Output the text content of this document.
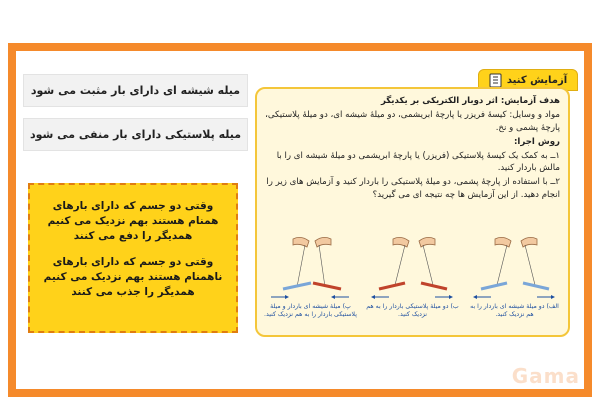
میله شیشه ای دارای بار مثبت می شود
میله پلاستیکی دارای بار منفی می شود

وقتی دو جسم که دارای بارهای همنام هستند بهم نزدیک می کنیم همدیگر را دفع می کنند

وقتی دو جسم که دارای بارهای ناهمنام هستند بهم نزدیک می کنیم همدیگر را جذب می کنند

آزمایش کنید
هدف آزمایش: اثر دوبار الکتریکی بر یکدیگر
مواد و وسایل: کیسهٔ فریزر یا پارچهٔ ابریشمی، دو میلهٔ شیشه ای، دو میلهٔ پلاستیکی، پارچهٔ پشمی و نخ.
روش اجرا:
۱ــ به کمک یک کیسهٔ پلاستیکی (فریزر) یا پارچهٔ ابریشمی دو میلهٔ شیشه ای را با مالش باردار کنید.
۲ــ با استفاده از پارچهٔ پشمی، دو میلهٔ پلاستیکی را باردار کنید و آزمایش های زیر را انجام دهید. از این آزمایش ها چه نتیجه ای می گیرید؟
پ) میلهٔ شیشه ای باردار و میلهٔ پلاستیکی باردار را به هم نزدیک کنید.
ب) دو میلهٔ پلاستیکی باردار را به هم نزدیک کنید.
الف) دو میلهٔ شیشه ای باردار را به هم نزدیک کنید.
Gama
